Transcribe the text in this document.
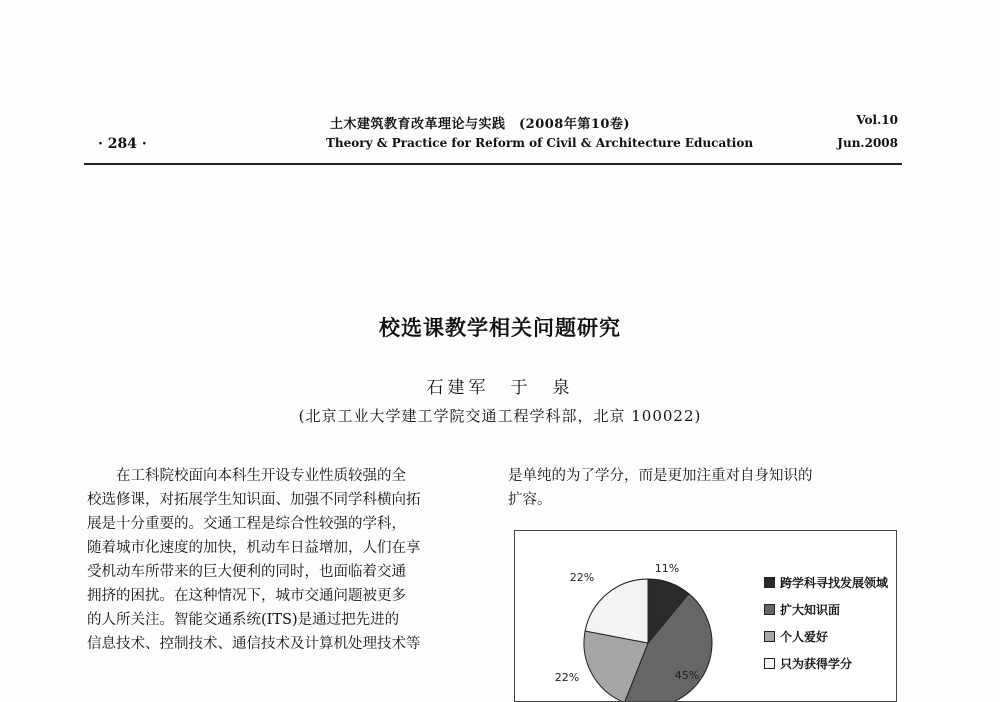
土木建筑教育改革理论与实践　(2008年第10卷)
· 284 ·	Theory & Practice for Reform of Civil & Architecture Education
Vol.10
Jun.2008
校选课教学相关问题研究
石建军　于　泉
(北京工业大学建工学院交通工程学科部，北京 100022)

　　在工科院校面向本科生开设专业性质较强的全

校选修课，对拓展学生知识面、加强不同学科横向拓

展是十分重要的。交通工程是综合性较强的学科，

随着城市化速度的加快，机动车日益增加，人们在享

受机动车所带来的巨大便利的同时，也面临着交通

拥挤的困扰。在这种情况下，城市交通问题被更多

的人所关注。智能交通系统(ITS)是通过把先进的

信息技术、控制技术、通信技术及计算机处理技术等

是单纯的为了学分，而是更加注重对自身知识的

扩容。

11%
45%
22%
22%	跨学科寻找发展领域
扩大知识面
个人爱好
只为获得学分
